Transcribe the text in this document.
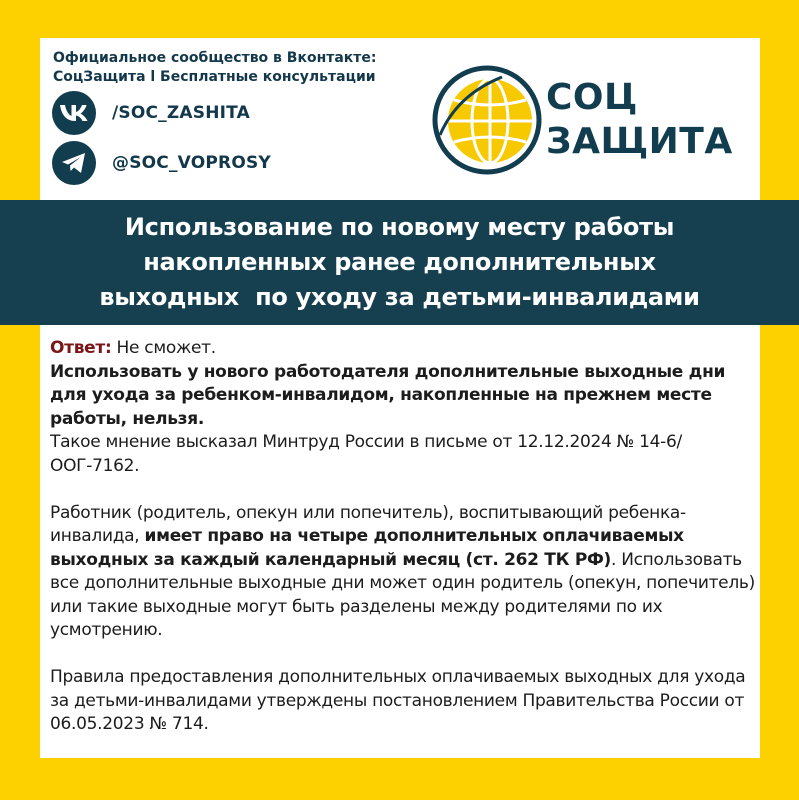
Официальное сообщество в Вконтакте:
СоцЗащита l Бесплатные консультации
/SOC_ZASHITA
@SOC_VOPROSY
СОЦ
ЗАЩИТА
Использование по новому месту работы
накопленных ранее дополнительных
выходных  по уходу за детьми-инвалидами

Ответ: Не сможет.
Использовать у нового работодателя дополнительные выходные дни для ухода за ребенком-инвалидом, накопленные на прежнем месте работы, нельзя.
Такое мнение высказал Минтруд России в письме от 12.12.2024 № 14-6/ООГ-7162.

Работник (родитель, опекун или попечитель), воспитывающий ребенка-инвалида, имеет право на четыре дополнительных оплачиваемых выходных за каждый календарный месяц (ст. 262 ТК РФ). Использовать все дополнительные выходные дни может один родитель (опекун, попечитель) или такие выходные могут быть разделены между родителями по их усмотрению.

Правила предоставления дополнительных оплачиваемых выходных для ухода за детьми-инвалидами утверждены постановлением Правительства России от 06.05.2023 № 714.
